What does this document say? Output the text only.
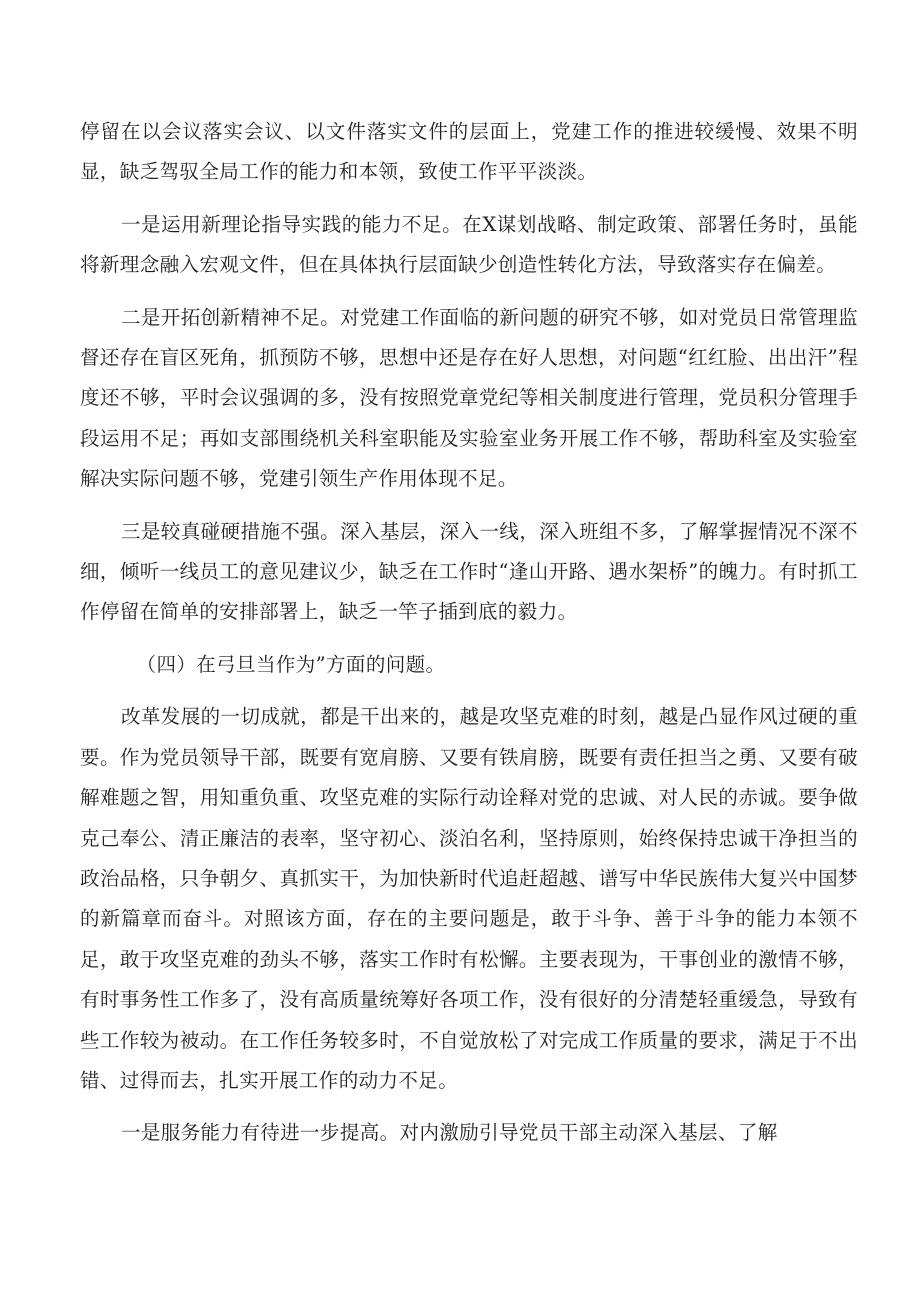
停留在以会议落实会议、以文件落实文件的层面上，党建工作的推进较缓慢、效果不明显，缺乏驾驭全局工作的能力和本领，致使工作平平淡淡。

一是运用新理论指导实践的能力不足。在X谋划战略、制定政策、部署任务时，虽能将新理念融入宏观文件，但在具体执行层面缺少创造性转化方法，导致落实存在偏差。

二是开拓创新精神不足。对党建工作面临的新问题的研究不够，如对党员日常管理监督还存在盲区死角，抓预防不够，思想中还是存在好人思想，对问题“红红脸、出出汗”程度还不够，平时会议强调的多，没有按照党章党纪等相关制度进行管理，党员积分管理手段运用不足；再如支部围绕机关科室职能及实验室业务开展工作不够，帮助科室及实验室解决实际问题不够，党建引领生产作用体现不足。

三是较真碰硬措施不强。深入基层，深入一线，深入班组不多，了解掌握情况不深不细，倾听一线员工的意见建议少，缺乏在工作时“逢山开路、遇水架桥”的魄力。有时抓工作停留在简单的安排部署上，缺乏一竿子插到底的毅力。

（四）在弓旦当作为”方面的问题。

改革发展的一切成就，都是干出来的，越是攻坚克难的时刻，越是凸显作风过硬的重要。作为党员领导干部，既要有宽肩膀、又要有铁肩膀，既要有责任担当之勇、又要有破解难题之智，用知重负重、攻坚克难的实际行动诠释对党的忠诚、对人民的赤诚。要争做克己奉公、清正廉洁的表率，坚守初心、淡泊名利，坚持原则，始终保持忠诚干净担当的政治品格，只争朝夕、真抓实干，为加快新时代追赶超越、谱写中华民族伟大复兴中国梦的新篇章而奋斗。对照该方面，存在的主要问题是，敢于斗争、善于斗争的能力本领不足，敢于攻坚克难的劲头不够，落实工作时有松懈。主要表现为，干事创业的激情不够，有时事务性工作多了，没有高质量统筹好各项工作，没有很好的分清楚轻重缓急，导致有些工作较为被动。在工作任务较多时，不自觉放松了对完成工作质量的要求，满足于不出错、过得而去，扎实开展工作的动力不足。

一是服务能力有待进一步提高。对内激励引导党员干部主动深入基层、了解
